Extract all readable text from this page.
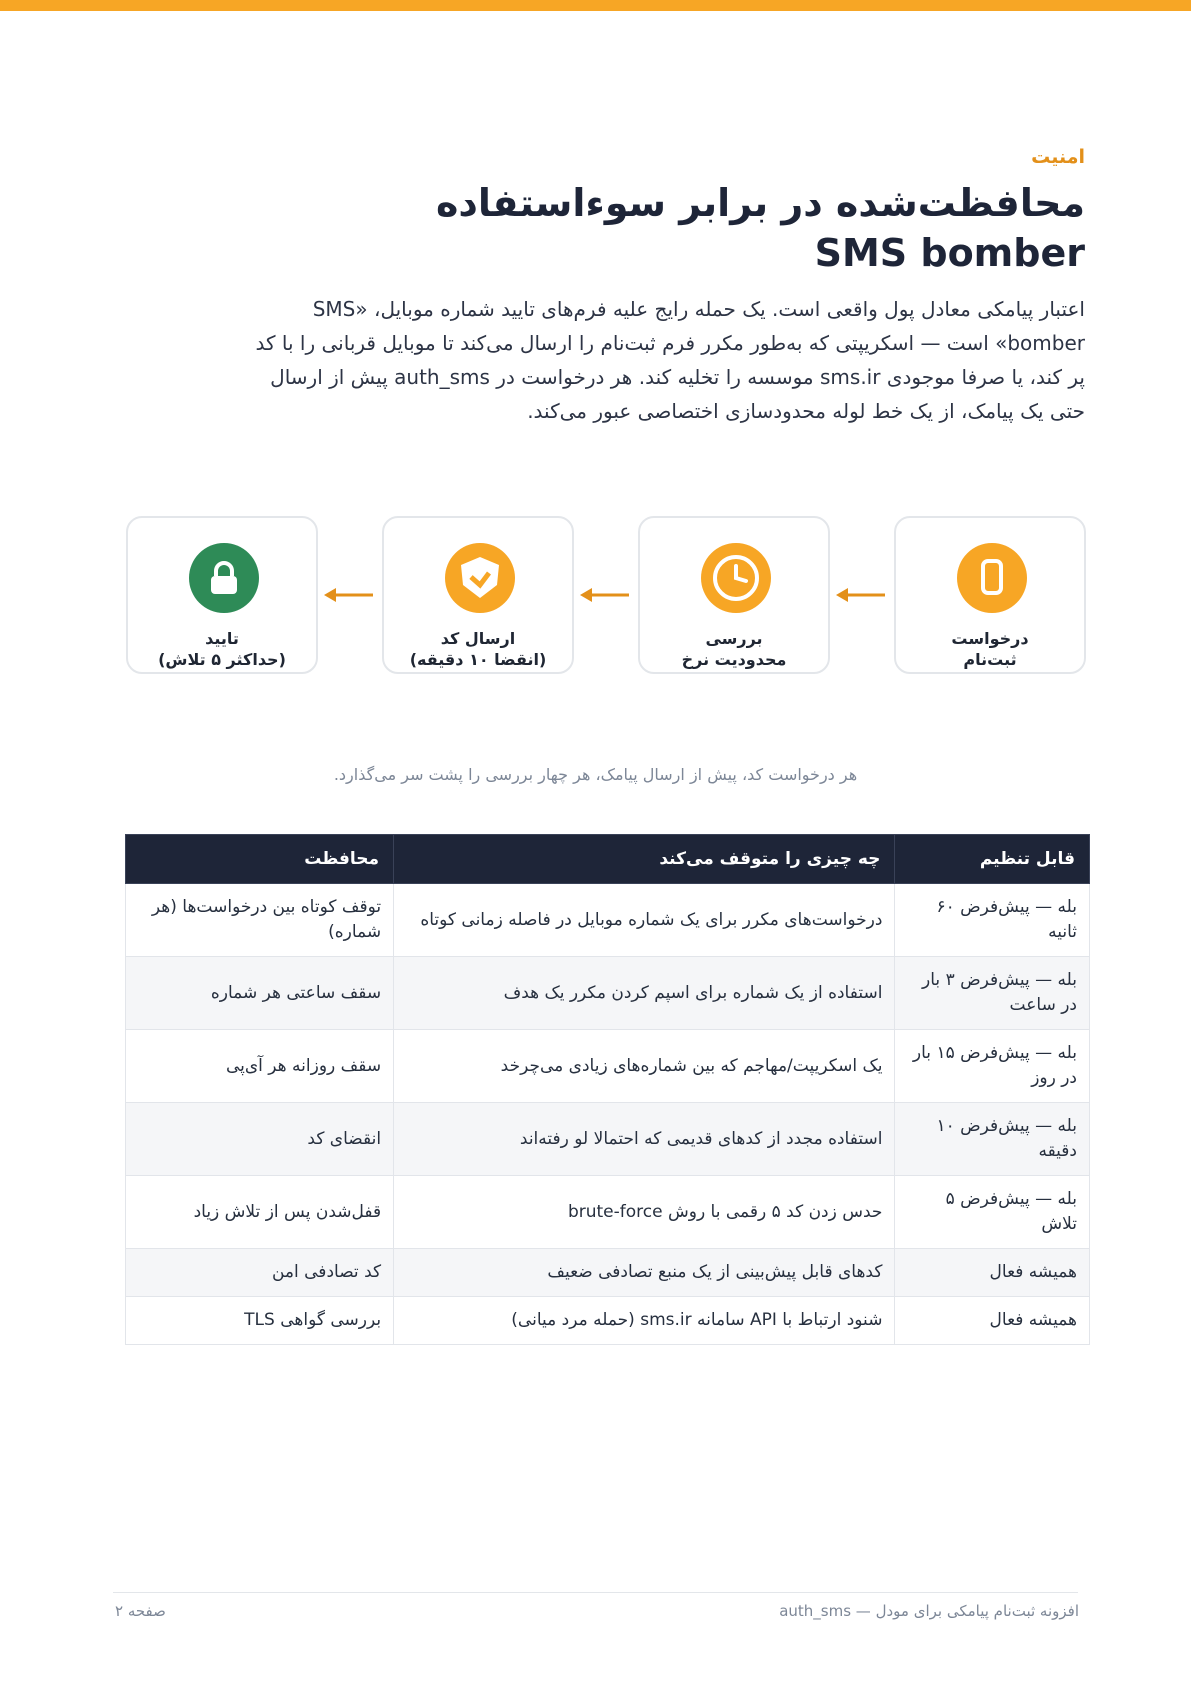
امنیت
محافظت‌شده در برابر سوءاستفاده
SMS bomber
اعتبار پیامکی معادل پول واقعی است. یک حمله رایج علیه فرم‌های تایید شماره موبایل، «SMS bomber» است — اسکریپتی که به‌طور مکرر فرم ثبت‌نام را ارسال می‌کند تا موبایل قربانی را با کد پر کند، یا صرفا موجودی sms.ir موسسه را تخلیه کند. هر درخواست در auth_sms پیش از ارسال حتی یک پیامک، از یک خط لوله محدودسازی اختصاصی عبور می‌کند.
درخواست
ثبت‌نام
بررسی
محدودیت نرخ
ارسال کد
(انقضا ۱۰ دقیقه)
تایید
(حداکثر ۵ تلاش)
هر درخواست کد، پیش از ارسال پیامک، هر چهار بررسی را پشت سر می‌گذارد.
قابل تنظیم	چه چیزی را متوقف می‌کند	محافظت
بله — پیش‌فرض ۶۰ ثانیه	درخواست‌های مکرر برای یک شماره موبایل در فاصله زمانی کوتاه	توقف کوتاه بین درخواست‌ها (هر شماره)
بله — پیش‌فرض ۳ بار در ساعت	استفاده از یک شماره برای اسپم کردن مکرر یک هدف	سقف ساعتی هر شماره
بله — پیش‌فرض ۱۵ بار در روز	یک اسکریپت/مهاجم که بین شماره‌های زیادی می‌چرخد	سقف روزانه هر آی‌پی
بله — پیش‌فرض ۱۰ دقیقه	استفاده مجدد از کدهای قدیمی که احتمالا لو رفته‌اند	انقضای کد
بله — پیش‌فرض ۵ تلاش	حدس زدن کد ۵ رقمی با روش brute-force	قفل‌شدن پس از تلاش زیاد
همیشه فعال	کدهای قابل پیش‌بینی از یک منبع تصادفی ضعیف	کد تصادفی امن
همیشه فعال	شنود ارتباط با API سامانه sms.ir (حمله مرد میانی)	بررسی گواهی TLS
افزونه ثبت‌نام پیامکی برای مودل — auth_sms
صفحه ۲
